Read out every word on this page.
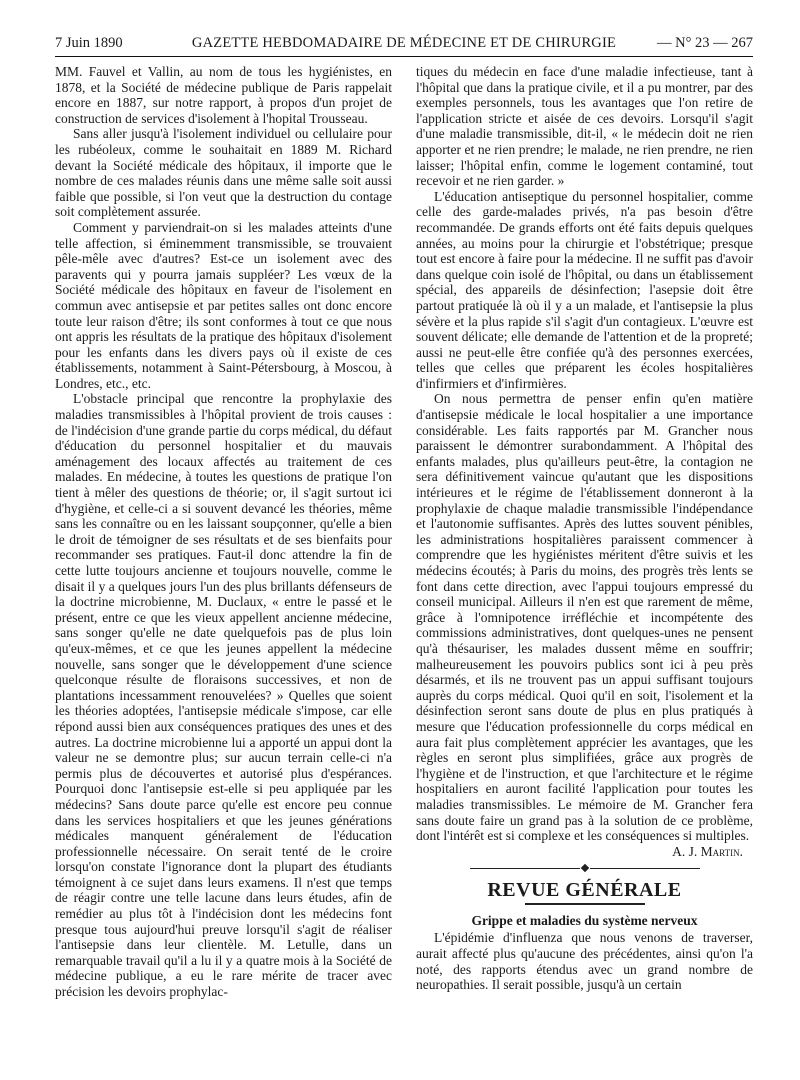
7 Juin 1890	GAZETTE HEBDOMADAIRE DE MÉDECINE ET DE CHIRURGIE	— N° 23 — 267

MM. Fauvel et Vallin, au nom de tous les hygiénistes, en 1878, et la Société de médecine publique de Paris rappelait encore en 1887, sur notre rapport, à propos d'un projet de construction de services d'isolement à l'hopital Trousseau.

Sans aller jusqu'à l'isolement individuel ou cellulaire pour les rubéoleux, comme le souhaitait en 1889 M. Richard devant la Société médicale des hôpitaux, il importe que le nombre de ces malades réunis dans une même salle soit aussi faible que possible, si l'on veut que la destruction du contage soit complètement assurée.

Comment y parviendrait-on si les malades atteints d'une telle affection, si éminemment transmissible, se trouvaient pêle-mêle avec d'autres? Est-ce un isolement avec des paravents qui y pourra jamais suppléer? Les vœux de la Société médicale des hôpitaux en faveur de l'isolement en commun avec antisepsie et par petites salles ont donc encore toute leur raison d'être; ils sont conformes à tout ce que nous ont appris les résultats de la pratique des hôpitaux d'isolement pour les enfants dans les divers pays où il existe de ces établissements, notamment à Saint-Pétersbourg, à Moscou, à Londres, etc., etc.

L'obstacle principal que rencontre la prophylaxie des maladies transmissibles à l'hôpital provient de trois causes : de l'indécision d'une grande partie du corps médical, du défaut d'éducation du personnel hospitalier et du mauvais aménagement des locaux affectés au traitement de ces malades. En médecine, à toutes les questions de pratique l'on tient à mêler des questions de théorie; or, il s'agit surtout ici d'hygiène, et celle-ci a si souvent devancé les théories, même sans les connaître ou en les laissant soupçonner, qu'elle a bien le droit de témoigner de ses résultats et de ses bienfaits pour recommander ses pratiques. Faut-il donc attendre la fin de cette lutte toujours ancienne et toujours nouvelle, comme le disait il y a quelques jours l'un des plus brillants défenseurs de la doctrine microbienne, M. Duclaux, « entre le passé et le présent, entre ce que les vieux appellent ancienne médecine, sans songer qu'elle ne date quelquefois pas de plus loin qu'eux-mêmes, et ce que les jeunes appellent la médecine nouvelle, sans songer que le développement d'une science quelconque résulte de floraisons successives, et non de plantations incessamment renouvelées? » Quelles que soient les théories adoptées, l'antisepsie médicale s'impose, car elle répond aussi bien aux conséquences pratiques des unes et des autres. La doctrine microbienne lui a apporté un appui dont la valeur ne se demontre plus; sur aucun terrain celle-ci n'a permis plus de découvertes et autorisé plus d'espérances. Pourquoi donc l'antisepsie est-elle si peu appliquée par les médecins? Sans doute parce qu'elle est encore peu connue dans les services hospitaliers et que les jeunes générations médicales manquent généralement de l'éducation professionnelle nécessaire. On serait tenté de le croire lorsqu'on constate l'ignorance dont la plupart des étudiants témoignent à ce sujet dans leurs examens. Il n'est que temps de réagir contre une telle lacune dans leurs études, afin de remédier au plus tôt à l'indécision dont les médecins font presque tous aujourd'hui preuve lorsqu'il s'agit de réaliser l'antisepsie dans leur clientèle. M. Letulle, dans un remarquable travail qu'il a lu il y a quatre mois à la Société de médecine publique, a eu le rare mérite de tracer avec précision les devoirs prophylac-

tiques du médecin en face d'une maladie infectieuse, tant à l'hôpital que dans la pratique civile, et il a pu montrer, par des exemples personnels, tous les avantages que l'on retire de l'application stricte et aisée de ces devoirs. Lorsqu'il s'agit d'une maladie transmissible, dit-il, « le médecin doit ne rien apporter et ne rien prendre; le malade, ne rien prendre, ne rien laisser; l'hôpital enfin, comme le logement contaminé, tout recevoir et ne rien garder. »

L'éducation antiseptique du personnel hospitalier, comme celle des garde-malades privés, n'a pas besoin d'être recommandée. De grands efforts ont été faits depuis quelques années, au moins pour la chirurgie et l'obstétrique; presque tout est encore à faire pour la médecine. Il ne suffit pas d'avoir dans quelque coin isolé de l'hôpital, ou dans un établissement spécial, des appareils de désinfection; l'asepsie doit être partout pratiquée là où il y a un malade, et l'antisepsie la plus sévère et la plus rapide s'il s'agit d'un contagieux. L'œuvre est souvent délicate; elle demande de l'attention et de la propreté; aussi ne peut-elle être confiée qu'à des personnes exercées, telles que celles que préparent les écoles hospitalières d'infirmiers et d'infirmières.

On nous permettra de penser enfin qu'en matière d'antisepsie médicale le local hospitalier a une importance considérable. Les faits rapportés par M. Grancher nous paraissent le démontrer surabondamment. A l'hôpital des enfants malades, plus qu'ailleurs peut-être, la contagion ne sera définitivement vaincue qu'autant que les dispositions intérieures et le régime de l'établissement donneront à la prophylaxie de chaque maladie transmissible l'indépendance et l'autonomie suffisantes. Après des luttes souvent pénibles, les administrations hospitalières paraissent commencer à comprendre que les hygiénistes méritent d'être suivis et les médecins écoutés; à Paris du moins, des progrès très lents se font dans cette direction, avec l'appui toujours empressé du conseil municipal. Ailleurs il n'en est que rarement de même, grâce à l'omnipotence irréfléchie et incompétente des commissions administratives, dont quelques-unes ne pensent qu'à thésauriser, les malades dussent même en souffrir; malheureusement les pouvoirs publics sont ici à peu près désarmés, et ils ne trouvent pas un appui suffisant toujours auprès du corps médical. Quoi qu'il en soit, l'isolement et la désinfection seront sans doute de plus en plus pratiqués à mesure que l'éducation professionnelle du corps médical en aura fait plus complètement apprécier les avantages, que les règles en seront plus simplifiées, grâce aux progrès de l'hygiène et de l'instruction, et que l'architecture et le régime hospitaliers en auront facilité l'application pour toutes les maladies transmissibles. Le mémoire de M. Grancher fera sans doute faire un grand pas à la solution de ce problème, dont l'intérêt est si complexe et les conséquences si multiples.

A. J. Martin.
REVUE GÉNÉRALE
Grippe et maladies du système nerveux

L'épidémie d'influenza que nous venons de traverser, aurait affecté plus qu'aucune des précédentes, ainsi qu'on l'a noté, des rapports étendus avec un grand nombre de neuropathies. Il serait possible, jusqu'à un certain
